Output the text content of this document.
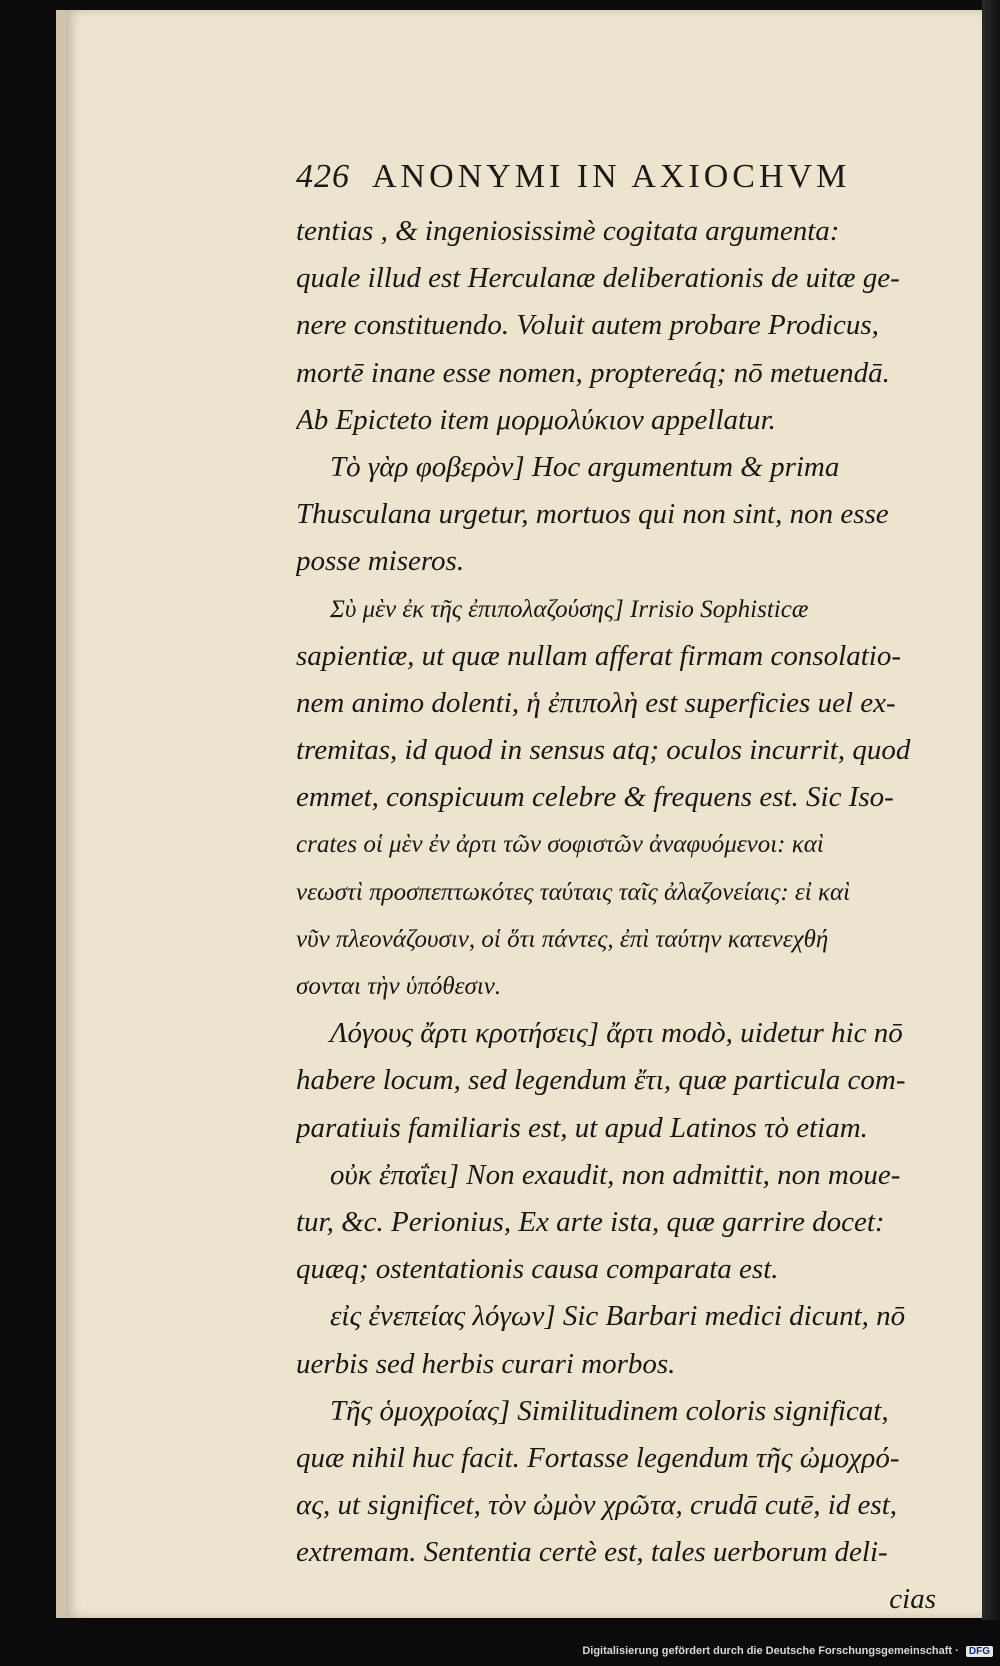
426 ANONYMI IN AXIOCHVM
tentias , & ingeniosissimè cogitata argumenta:
quale illud est Herculanæ deliberationis de uitæ ge-
nere constituendo. Voluit autem probare Prodicus,
mortē inane esse nomen, proptereáq; nō metuendā.
Ab Epicteto item μορμολύκιον appellatur.
Τὸ γὰρ φοβερὸν] Hoc argumentum & prima
Thusculana urgetur, mortuos qui non sint, non esse
posse miseros.
Σὺ μὲν ἐκ τῆς ἐπιπολαζούσης] Irrisio Sophisticæ
sapientiæ, ut quæ nullam afferat firmam consolatio-
nem animo dolenti, ἡ ἐπιπολὴ est superficies uel ex-
tremitas, id quod in sensus atq; oculos incurrit, quod
emmet, conspicuum celebre & frequens est. Sic Iso-
crates οἱ μὲν ἐν ἀρτι τῶν σοφιστῶν ἀναφυόμενοι: καὶ
νεωστὶ προσπεπτωκότες ταύταις ταῖς ἀλαζονείαις: εἰ καὶ
νῦν πλεονάζουσιν, οἱ ὅτι πάντες, ἐπὶ ταύτην κατενεχθή
σονται τὴν ὑπόθεσιν.
Λόγους ἄρτι κροτήσεις] ἄρτι modò, uidetur hic nō
habere locum, sed legendum ἔτι, quæ particula com-
paratiuis familiaris est, ut apud Latinos τὸ etiam.
οὐκ ἐπαΐει] Non exaudit, non admittit, non moue-
tur, &c. Perionius, Ex arte ista, quæ garrire docet:
quæq; ostentationis causa comparata est.
εἰς ἐνεπείας λόγων] Sic Barbari medici dicunt, nō
uerbis sed herbis curari morbos.
Τῆς ὁμοχροίας] Similitudinem coloris significat,
quæ nihil huc facit. Fortasse legendum τῆς ὠμοχρό-
ας, ut significet, τὸν ὠμὸν χρῶτα, crudā cutē, id est,
extremam. Sententia certè est, tales uerborum deli-
cias
Digitalisierung gefördert durch die Deutsche Forschungsgemeinschaft · DFG
